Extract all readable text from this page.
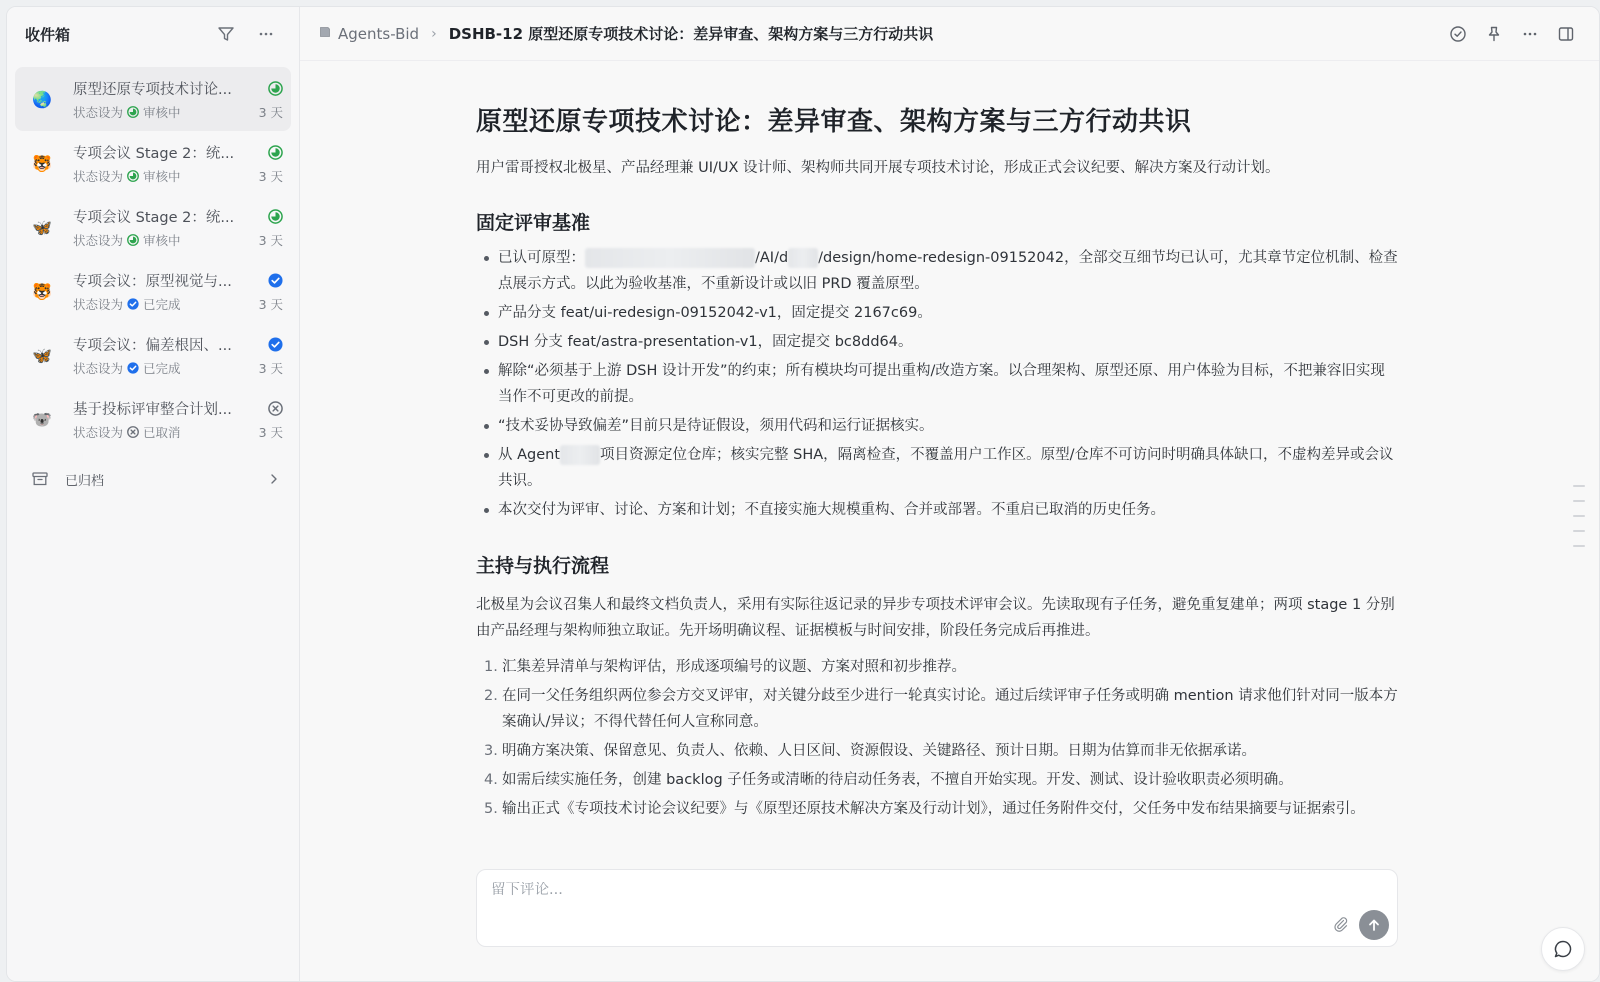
收件箱
🌏	原型还原专项技术讨论...
状态设为 审核中	3 天
🐯	专项会议 Stage 2：统...
状态设为 审核中	3 天
🦋	专项会议 Stage 2：统...
状态设为 审核中	3 天
🐯	专项会议：原型视觉与...
状态设为 已完成	3 天
🦋	专项会议：偏差根因、...
状态设为 已完成	3 天
🐨	基于投标评审整合计划...
状态设为 已取消	3 天
已归档
Agents-Bid › DSHB-12 原型还原专项技术讨论：差异审查、架构方案与三方行动共识
原型还原专项技术讨论：差异审查、架构方案与三方行动共识

用户雷哥授权北极星、产品经理兼 UI/UX 设计师、架构师共同开展专项技术讨论，形成正式会议纪要、解决方案及行动计划。

固定评审基准
已认可原型：	/AI/d /design/home-redesign-09152042，全部交互细节均已认可，尤其章节定位机制、检查点展示方式。以此为验收基准，不重新设计或以旧 PRD 覆盖原型。
产品分支 feat/ui-redesign-09152042-v1，固定提交 2167c69。
DSH 分支 feat/astra-presentation-v1，固定提交 bc8dd64。
解除“必须基于上游 DSH 设计开发”的约束；所有模块均可提出重构/改造方案。以合理架构、原型还原、用户体验为目标，不把兼容旧实现当作不可更改的前提。
“技术妥协导致偏差”目前只是待证假设，须用代码和运行证据核实。
从 Agent	项目资源定位仓库；核实完整 SHA，隔离检查，不覆盖用户工作区。原型/仓库不可访问时明确具体缺口，不虚构差异或会议共识。
本次交付为评审、讨论、方案和计划；不直接实施大规模重构、合并或部署。不重启已取消的历史任务。
主持与执行流程

北极星为会议召集人和最终文档负责人，采用有实际往返记录的异步专项技术评审会议。先读取现有子任务，避免重复建单；两项 stage 1 分别由产品经理与架构师独立取证。先开场明确议程、证据模板与时间安排，阶段任务完成后再推进。

1. 汇集差异清单与架构评估，形成逐项编号的议题、方案对照和初步推荐。
2. 在同一父任务组织两位参会方交叉评审，对关键分歧至少进行一轮真实讨论。通过后续评审子任务或明确 mention 请求他们针对同一版本方案确认/异议；不得代替任何人宣称同意。
3. 明确方案决策、保留意见、负责人、依赖、人日区间、资源假设、关键路径、预计日期。日期为估算而非无依据承诺。
4. 如需后续实施任务，创建 backlog 子任务或清晰的待启动任务表，不擅自开始实现。开发、测试、设计验收职责必须明确。
5. 输出正式《专项技术讨论会议纪要》与《原型还原技术解决方案及行动计划》，通过任务附件交付，父任务中发布结果摘要与证据索引。
留下评论...
